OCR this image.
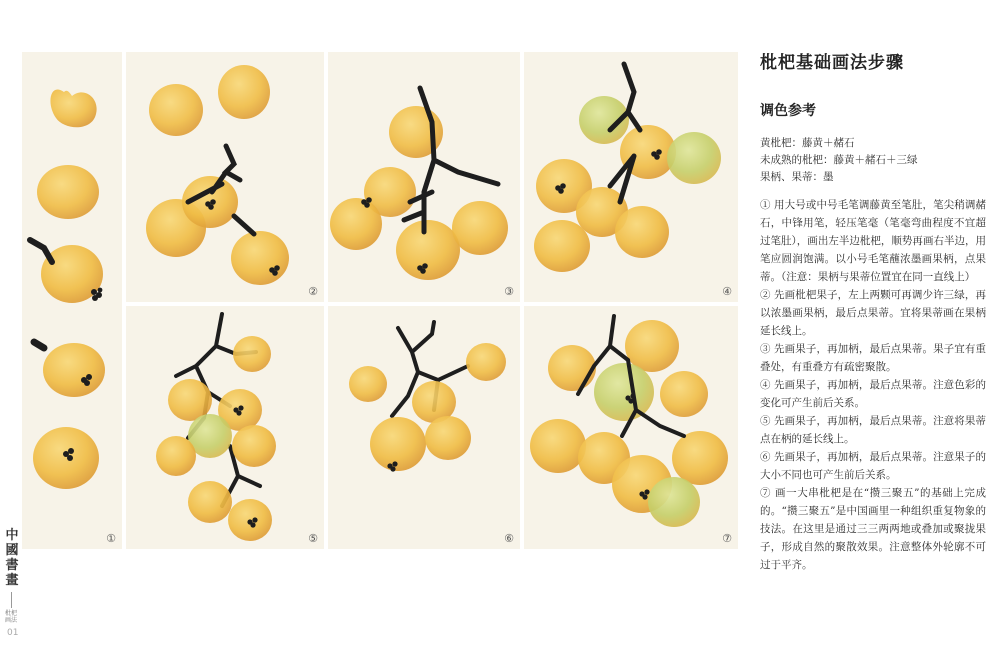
①
②	③	④
⑤	⑥	⑦
枇杷基础画法步骤
调色参考
黄枇杷：藤黄＋赭石
未成熟的枇杷：藤黄＋赭石＋三绿
果柄、果蒂：墨

① 用大号或中号毛笔调藤黄至笔肚，笔尖稍调赭石，中锋用笔，轻压笔毫（笔毫弯曲程度不宜超过笔肚），画出左半边枇杷，顺势再画右半边，用笔应圆润饱满。以小号毛笔蘸浓墨画果柄，点果蒂。（注意：果柄与果蒂位置宜在同一直线上）

② 先画枇杷果子，左上两颗可再调少许三绿，再以浓墨画果柄，最后点果蒂。宜将果蒂画在果柄延长线上。

③ 先画果子，再加柄，最后点果蒂。果子宜有重叠处，有重叠方有疏密聚散。

④ 先画果子，再加柄，最后点果蒂。注意色彩的变化可产生前后关系。

⑤ 先画果子，再加柄，最后点果蒂。注意将果蒂点在柄的延长线上。

⑥ 先画果子，再加柄，最后点果蒂。注意果子的大小不同也可产生前后关系。

⑦ 画一大串枇杷是在“攒三聚五”的基础上完成的。“攒三聚五”是中国画里一种组织重复物象的技法。在这里是通过三三两两地或叠加或聚拢果子，形成自然的聚散效果。注意整体外轮廓不可过于平齐。

中國書畫
枇杷画法
01
